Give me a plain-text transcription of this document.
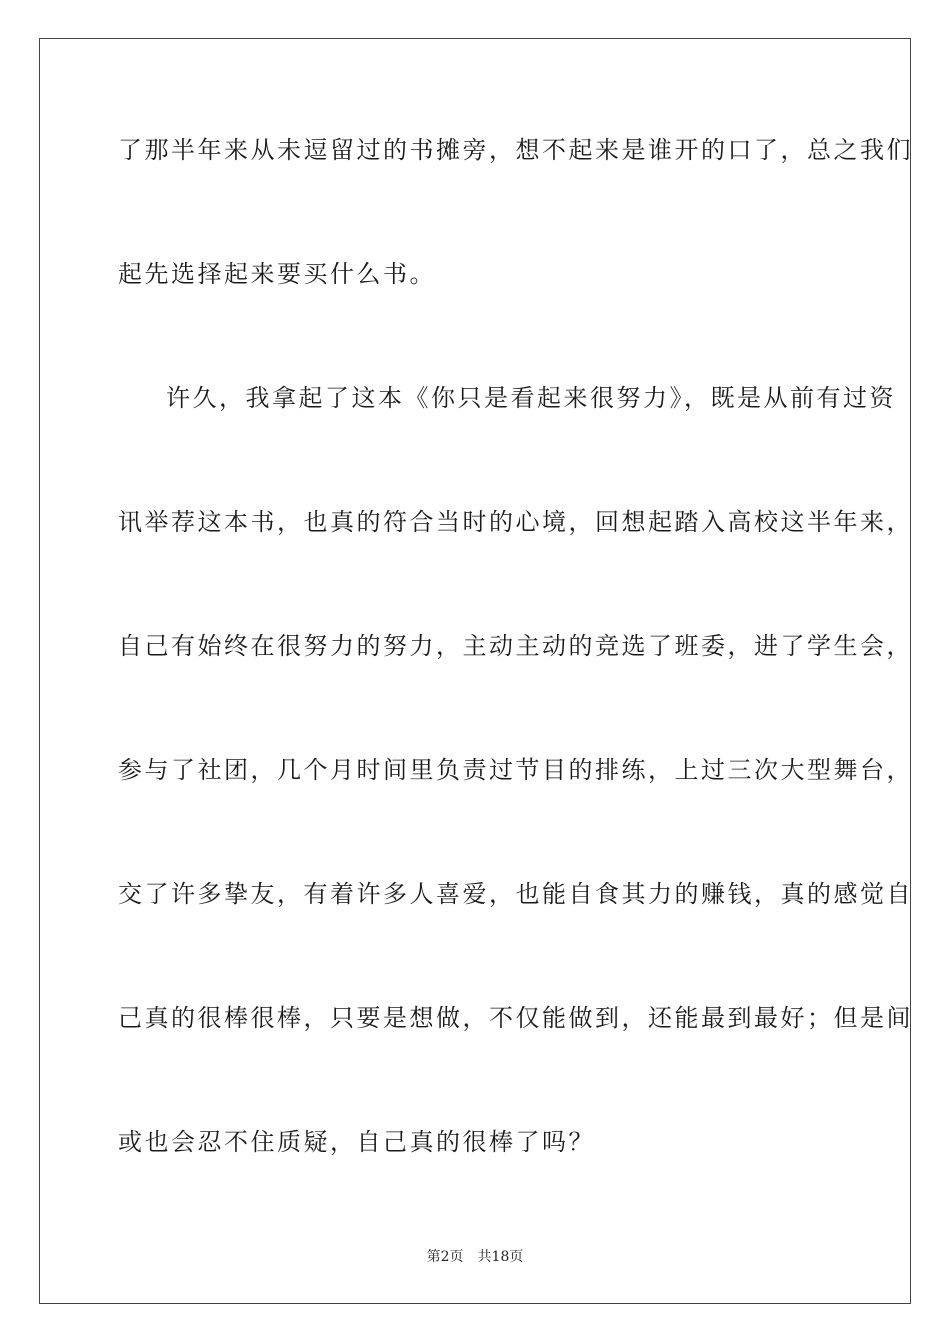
了那半年来从未逗留过的书摊旁，想不起来是谁开的口了，总之我们
起先选择起来要买什么书。
许久，我拿起了这本《你只是看起来很努力》，既是从前有过资
讯举荐这本书，也真的符合当时的心境，回想起踏入高校这半年来，
自己有始终在很努力的努力，主动主动的竞选了班委，进了学生会，
参与了社团，几个月时间里负责过节目的排练，上过三次大型舞台，
交了许多挚友，有着许多人喜爱，也能自食其力的赚钱，真的感觉自
己真的很棒很棒，只要是想做，不仅能做到，还能最到最好；但是间
或也会忍不住质疑，自己真的很棒了吗？
第2页 共18页
